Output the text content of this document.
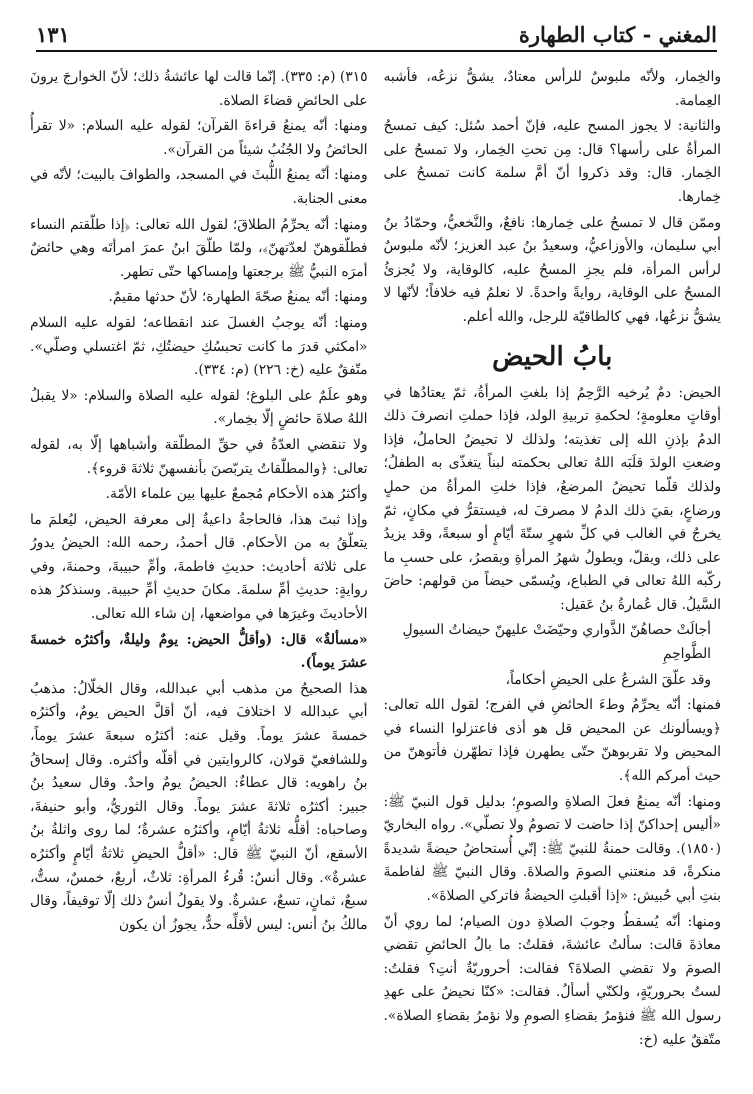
المغني - كتاب الطهارة
١٣١

والخِمار، ولأنّه ملبوسٌ للرأس معتادٌ، يشقُّ نزعُه، فأشبه العِمامة.

والثانية: لا يجوز المسح عليه، فإنّ أحمد سُئل: كيف تمسحُ المرأةُ على رأسها؟ قال: مِن تحتِ الخِمار، ولا تمسحُ على الخِمار. قال: وقد ذكروا أنّ أمَّ سلمة كانت تمسحُ على خِمارها.

وممّن قال لا تمسحُ على خِمارها: نافعٌ، والنَّخعيُّ، وحمّادُ بنُ أبي سليمان، والأوزاعيُّ، وسعيدُ بنُ عبد العزيز؛ لأنّه ملبوسٌ لرأس المرأة، فلم يجزِ المسحُ عليه، كالوقاية، ولا يُجزئُ المسحُ على الوقاية، روايةً واحدةً. لا نعلمُ فيه خلافاً؛ لأنّها لا يشقُّ نزعُها، فهي كالطاقيّة للرجل، والله أعلم.

بابُ الحيض

الحيض: دمٌ يُرخيه الرَّحِمُ إذا بلغتِ المرأةُ، ثمّ يعتادُها في أوقاتٍ معلومةٍ؛ لحكمةِ تربيةِ الولد، فإذا حملتِ انصرفَ ذلك الدمُ بإذنِ الله إلى تغذيته؛ ولذلك لا تحيضُ الحاملُ، فإذا وضعتِ الولدَ قلَبَه اللهُ تعالى بحكمته لبناً يتغذّى به الطفلُ؛ ولذلك قلّما تحيضُ المرضعُ، فإذا خلتِ المرأةُ من حملٍ ورضاعٍ، بقيَ ذلك الدمُ لا مصرفَ له، فيستقرُّ في مكانٍ، ثمّ يخرجُ في الغالب في كلِّ شهرٍ ستّةَ أيّامٍ أو سبعةً، وقد يزيدُ على ذلك، ويقلّ، ويطولُ شهرُ المرأةِ ويقصرُ، على حسبِ ما ركّبه اللهُ تعالى في الطباع، ويُسمّى حيضاً من قولهم: حاضَ السَّيلُ. قال عُمارةُ بنُ عَقيل:

أجالَتْ حصاهُنّ الذَّواري وحيّضَتْ عليهنّ حيضاتُ السيولِ الطَّواحِمِ

وقد علّقَ الشرعُ على الحيضِ أحكاماً،

فمنها: أنّه يحرِّمُ وطءَ الحائضِ في الفرج؛ لقول الله تعالى: ﴿ويسألونك عن المحيض قل هو أذى فاعتزلوا النساء في المحيض ولا تقربوهنّ حتّى يطهرن فإذا تطهّرن فأتوهنّ من حيث أمركم الله﴾.

ومنها: أنّه يمنعُ فعلَ الصلاةِ والصومِ؛ بدليل قول النبيّ ﷺ: «أليس إحداكنّ إذا حاضت لا تصومُ ولا تصلّي». رواه البخاريّ (١٨٥٠). وقالت حمنةُ للنبيّ ﷺ: إنّي أُستحاضُ حيضةً شديدةً منكرةً، قد منعتني الصومَ والصلاةَ. وقال النبيّ ﷺ لفاطمةَ بنتِ أبي حُبيش: «إذا أقبلتِ الحيضةُ فاتركي الصلاةَ».

ومنها: أنّه يُسقطُ وجوبَ الصلاةِ دون الصيام؛ لما روي أنّ معاذةَ قالت: سألتُ عائشةَ، فقلتُ: ما بالُ الحائضِ تقضي الصومَ ولا تقضي الصلاةَ؟ فقالت: أحروريّةٌ أنتِ؟ فقلتُ: لستُ بحروريّةٍ، ولكنّي أسألُ. فقالت: «كنّا نحيضُ على عهدِ رسول الله ﷺ فنؤمرُ بقضاءِ الصومِ ولا نؤمرُ بقضاءِ الصلاة». متّفقٌ عليه (خ:

٣١٥) (م: ٣٣٥). إنّما قالت لها عائشةُ ذلك؛ لأنّ الخوارجَ يرونَ على الحائضِ قضاءَ الصلاة.

ومنها: أنّه يمنعُ قراءةَ القرآن؛ لقوله عليه السلام: «لا تقرأُ الحائضُ ولا الجُنُبُ شيئاً من القرآن».

ومنها: أنّه يمنعُ اللُّبثَ في المسجد، والطوافَ بالبيت؛ لأنّه في معنى الجنابة.

ومنها: أنّه يحرِّمُ الطلاقَ؛ لقول الله تعالى: ﴿إذا طلّقتم النساء فطلّقوهنّ لعدّتهنّ﴾، ولمّا طلّقَ ابنُ عمرَ امرأتَه وهي حائضٌ أمرَه النبيُّ ﷺ برجعتها وإمساكها حتّى تطهر.

ومنها: أنّه يمنعُ صحّةَ الطهارة؛ لأنّ حدثها مقيمٌ.

ومنها: أنّه يوجبُ الغسلَ عند انقطاعه؛ لقوله عليه السلام «امكثي قدرَ ما كانت تحبسُكِ حيضتُكِ، ثمّ اغتسلي وصلّي». متّفقٌ عليه (خ: ٢٢٦) (م: ٣٣٤).

وهو علَمٌ على البلوغ؛ لقوله عليه الصلاة والسلام: «لا يقبلُ اللهُ صلاةَ حائضٍ إلّا بخِمار».

ولا تنقضي العدّةُ في حقِّ المطلّقة وأشباهها إلّا به، لقوله تعالى: ﴿والمطلّقاتُ يتربّصنَ بأنفسهنّ ثلاثةَ قروء﴾.

وأكثرُ هذه الأحكام مُجمعٌ عليها بين علماء الأمّة.

وإذا ثبتَ هذا، فالحاجةُ داعيةٌ إلى معرفة الحيض، ليُعلمَ ما يتعلّقُ به من الأحكام. قال أحمدُ، رحمه الله: الحيضُ يدورُ على ثلاثة أحاديث: حديثِ فاطمةَ، وأمِّ حبيبةَ، وحمنةَ، وفي روايةٍ: حديثِ أمِّ سلمةَ. مكانَ حديثِ أمِّ حبيبة. وسنذكرُ هذه الأحاديثَ وغيرَها في مواضعها، إن شاء الله تعالى.

«مسألةٌ» قال: (وأقلُّ الحيض: يومٌ وليلةٌ، وأكثرُه خمسةَ عشرَ يوماً).

هذا الصحيحُ من مذهب أبي عبدالله، وقال الخلّالُ: مذهبُ أبي عبدالله لا اختلافَ فيه، أنّ أقلَّ الحيض يومٌ، وأكثرُه خمسةَ عشرَ يوماً. وقيل عنه: أكثرُه سبعةَ عشرَ يوماً، وللشافعيّ قولان، كالروايتين في أقلّه وأكثره. وقال إسحاقُ بنُ راهويه: قال عطاءٌ: الحيضُ يومٌ واحدٌ. وقال سعيدُ بنُ جبير: أكثرُه ثلاثةَ عشرَ يوماً. وقال الثوريُّ، وأبو حنيفةَ، وصاحباه: أقلُّه ثلاثةُ أيّامٍ، وأكثرُه عشرةٌ؛ لما روى واثلةُ بنُ الأسقع، أنّ النبيّ ﷺ قال: «أقلُّ الحيضِ ثلاثةُ أيّامٍ وأكثرُه عشرةٌ». وقال أنسٌ: قُرءُ المرأةِ: ثلاثٌ، أربعٌ، خمسٌ، ستٌّ، سبعٌ، ثمانٍ، تسعٌ، عشرةٌ. ولا يقولُ أنسٌ ذلك إلّا توقيفاً، وقال مالكُ بنُ أنس: ليس لأقلِّه حدٌّ، يجوزُ أن يكون
